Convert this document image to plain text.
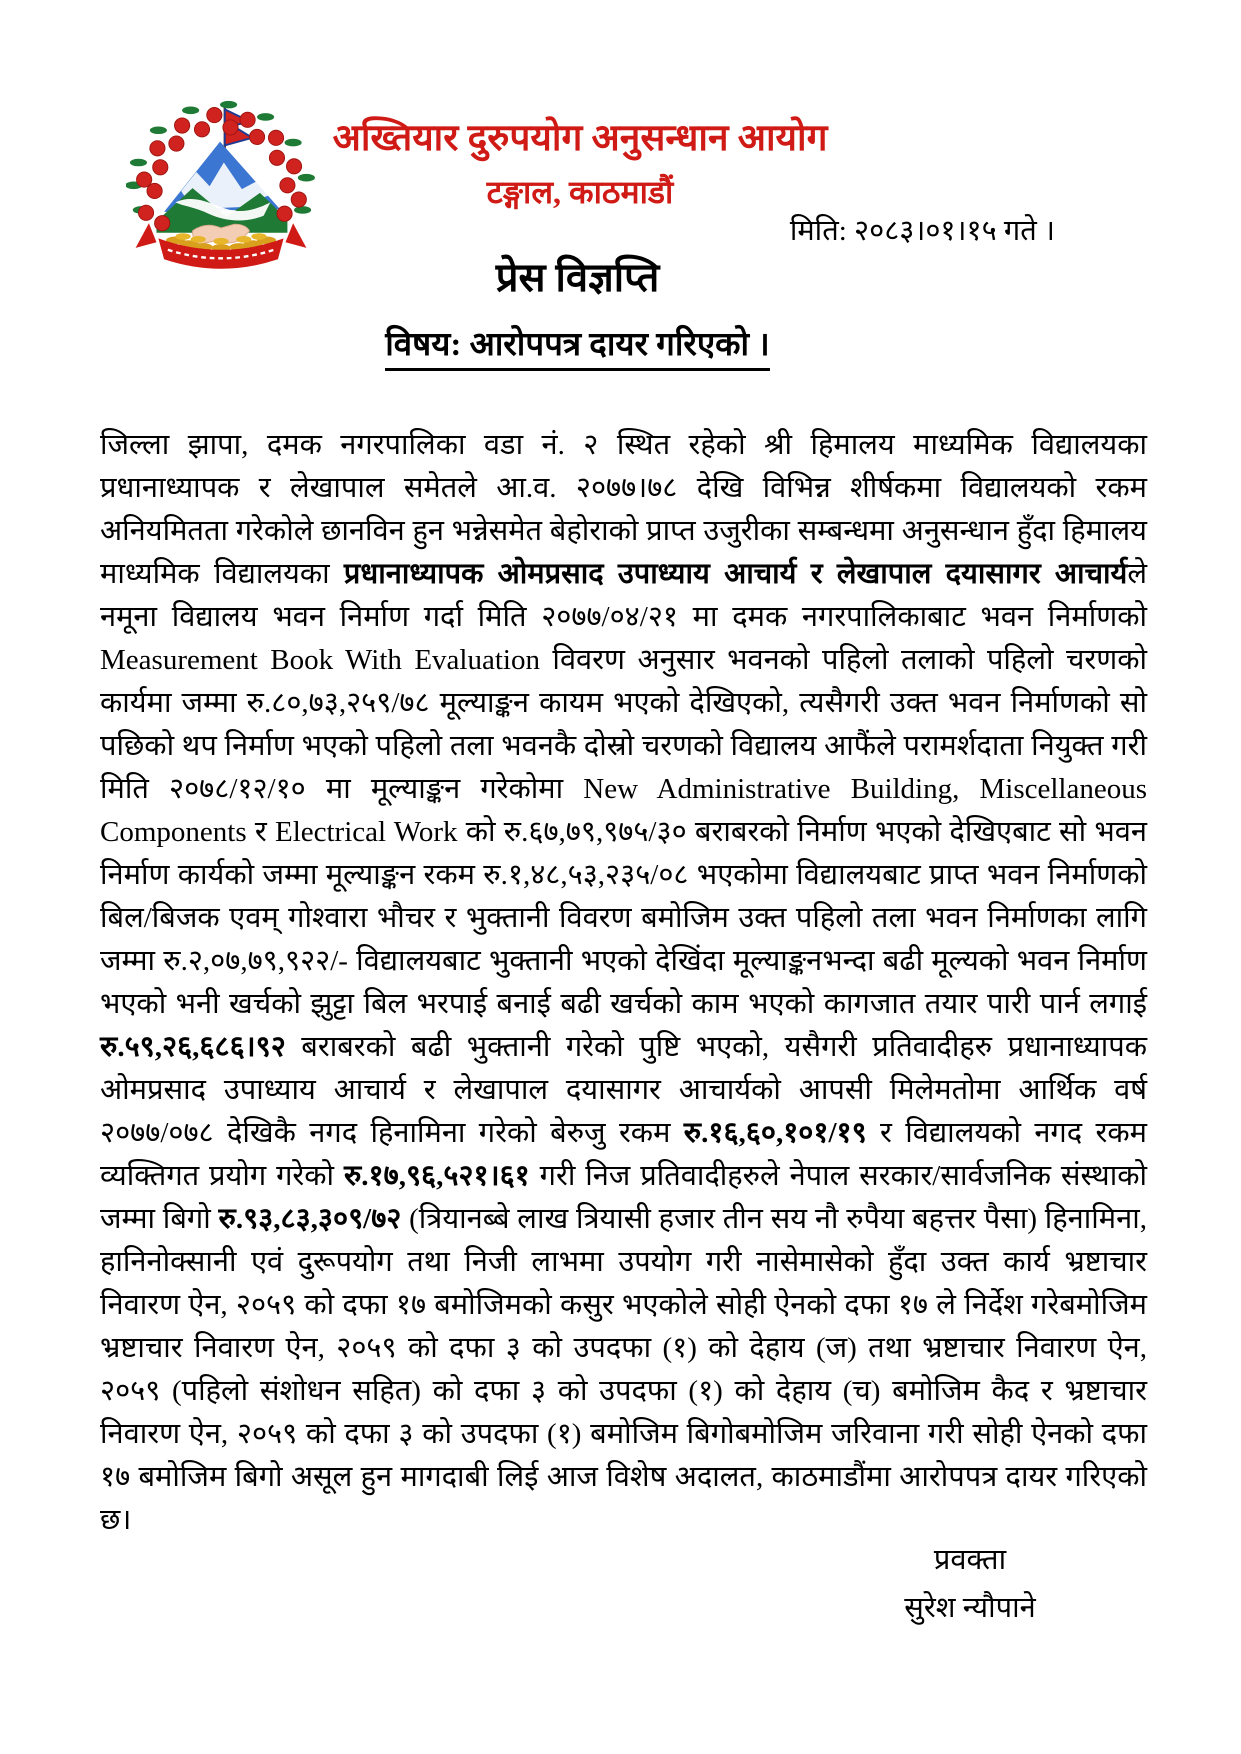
अख्तियार दुरुपयोग अनुसन्धान आयोग
टङ्गाल, काठमाडौं
मिति: २०८३।०१।१५ गते ।
प्रेस विज्ञप्ति
विषय: आरोपपत्र दायर गरिएको ।

जिल्ला झापा, दमक नगरपालिका वडा नं. २ स्थित रहेको श्री हिमालय माध्यमिक विद्यालयका प्रधानाध्यापक र लेखापाल समेतले आ.व. २०७७।७८ देखि विभिन्न शीर्षकमा विद्यालयको रकम अनियमितता गरेकोले छानविन हुन भन्नेसमेत बेहोराको प्राप्त उजुरीका सम्बन्धमा अनुसन्धान हुँदा हिमालय माध्यमिक विद्यालयका प्रधानाध्यापक ओमप्रसाद उपाध्याय आचार्य र लेखापाल दयासागर आचार्यले नमूना विद्यालय भवन निर्माण गर्दा मिति २०७७/०४/२१ मा दमक नगरपालिकाबाट भवन निर्माणको Measurement Book With Evaluation विवरण अनुसार भवनको पहिलो तलाको पहिलो चरणको कार्यमा जम्मा रु.८०,७३,२५९/७८ मूल्याङ्कन कायम भएको देखिएको, त्यसैगरी उक्त भवन निर्माणको सो पछिको थप निर्माण भएको पहिलो तला भवनकै दोस्रो चरणको विद्यालय आफैंले परामर्शदाता नियुक्त गरी मिति २०७८/१२/१० मा मूल्याङ्कन गरेकोमा New Administrative Building, Miscellaneous Components र Electrical Work को रु.६७,७९,९७५/३० बराबरको निर्माण भएको देखिएबाट सो भवन निर्माण कार्यको जम्मा मूल्याङ्कन रकम रु.१,४८,५३,२३५/०८ भएकोमा विद्यालयबाट प्राप्त भवन निर्माणको बिल/बिजक एवम् गोश्वारा भौचर र भुक्तानी विवरण बमोजिम उक्त पहिलो तला भवन निर्माणका लागि जम्मा रु.२,०७,७९,९२२/- विद्यालयबाट भुक्तानी भएको देखिंदा मूल्याङ्कनभन्दा बढी मूल्यको भवन निर्माण भएको भनी खर्चको झुट्टा बिल भरपाई बनाई बढी खर्चको काम भएको कागजात तयार पारी पार्न लगाई रु.५९,२६,६८६।९२ बराबरको बढी भुक्तानी गरेको पुष्टि भएको, यसैगरी प्रतिवादीहरु प्रधानाध्यापक ओमप्रसाद उपाध्याय आचार्य र लेखापाल दयासागर आचार्यको आपसी मिलेमतोमा आर्थिक वर्ष २०७७/०७८ देखिकै नगद हिनामिना गरेको बेरुजु रकम रु.१६,६०,१०१/१९ र विद्यालयको नगद रकम व्यक्तिगत प्रयोग गरेको रु.१७,९६,५२१।६१ गरी निज प्रतिवादीहरुले नेपाल सरकार/सार्वजनिक संस्थाको जम्मा बिगो रु.९३,८३,३०९/७२ (त्रियानब्बे लाख त्रियासी हजार तीन सय नौ रुपैया बहत्तर पैसा) हिनामिना, हानिनोक्सानी एवं दुरूपयोग तथा निजी लाभमा उपयोग गरी नासेमासेको हुँदा उक्त कार्य भ्रष्टाचार निवारण ऐन, २०५९ को दफा १७ बमोजिमको कसुर भएकोले सोही ऐनको दफा १७ ले निर्देश गरेबमोजिम भ्रष्टाचार निवारण ऐन, २०५९ को दफा ३ को उपदफा (१) को देहाय (ज) तथा भ्रष्टाचार निवारण ऐन, २०५९ (पहिलो संशोधन सहित) को दफा ३ को उपदफा (१) को देहाय (च) बमोजिम कैद र भ्रष्टाचार निवारण ऐन, २०५९ को दफा ३ को उपदफा (१) बमोजिम बिगोबमोजिम जरिवाना गरी सोही ऐनको दफा १७ बमोजिम बिगो असूल हुन मागदाबी लिई आज विशेष अदालत, काठमाडौंमा आरोपपत्र दायर गरिएको छ।

प्रवक्ता
सुरेश न्यौपाने
